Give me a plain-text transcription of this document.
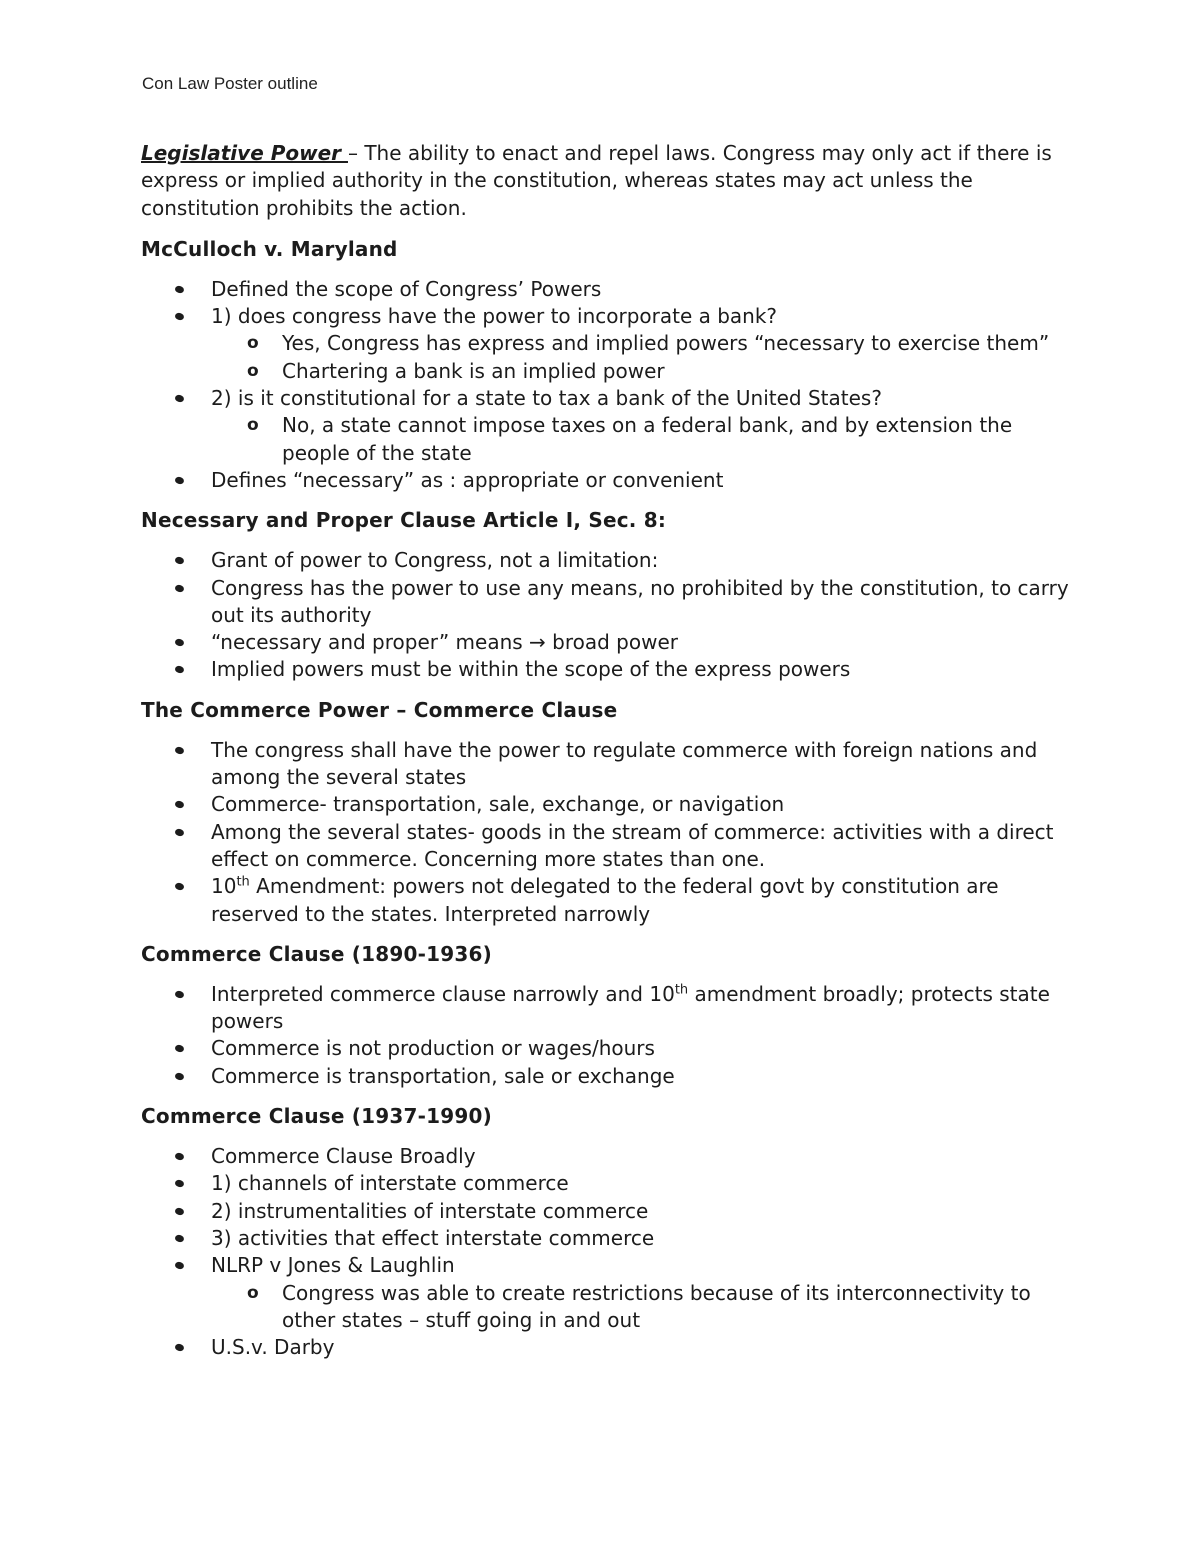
Con Law Poster outline

Legislative Power – The ability to enact and repel laws. Congress may only act if there is express or implied authority in the constitution, whereas states may act unless the constitution prohibits the action.

McCulloch v. Maryland
Defined the scope of Congress’ Powers
1) does congress have the power to incorporate a bank?
o Yes, Congress has express and implied powers “necessary to exercise them”
o Chartering a bank is an implied power
2) is it constitutional for a state to tax a bank of the United States?
o No, a state cannot impose taxes on a federal bank, and by extension the people of the state
Defines “necessary” as : appropriate or convenient
Necessary and Proper Clause Article I, Sec. 8:
Grant of power to Congress, not a limitation:
Congress has the power to use any means, no prohibited by the constitution, to carry out its authority
“necessary and proper” means → broad power
Implied powers must be within the scope of the express powers
The Commerce Power – Commerce Clause
The congress shall have the power to regulate commerce with foreign nations and among the several states
Commerce- transportation, sale, exchange, or navigation
Among the several states- goods in the stream of commerce: activities with a direct effect on commerce. Concerning more states than one.
10th Amendment: powers not delegated to the federal govt by constitution are reserved to the states. Interpreted narrowly
Commerce Clause (1890-1936)
Interpreted commerce clause narrowly and 10th amendment broadly; protects state powers
Commerce is not production or wages/hours
Commerce is transportation, sale or exchange
Commerce Clause (1937-1990)
Commerce Clause Broadly
1) channels of interstate commerce
2) instrumentalities of interstate commerce
3) activities that effect interstate commerce
NLRP v Jones & Laughlin
o Congress was able to create restrictions because of its interconnectivity to other states – stuff going in and out
U.S.v. Darby
